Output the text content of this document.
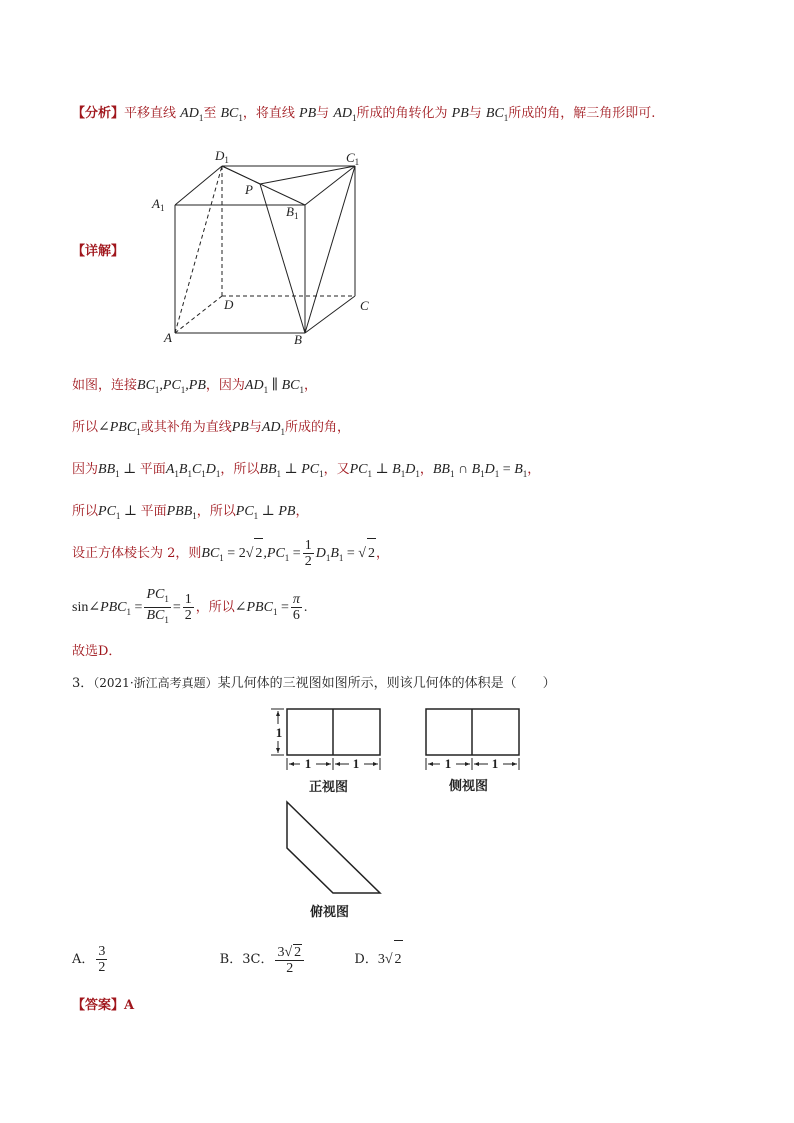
【分析】平移直线 $AD_1$至 $BC_1$，将直线 PB与 $AD_1$所成的角转化为 PB与 $BC_1$所成的角，解三角形即可.
【详解】
$D_1$	$C_1$
$A_1$	$B_1$
P
D	C
A	B
如图，连接$BC_1,PC_1,PB$，因为$AD_1$ ∥ $BC_1$，
所以$\angle PBC_1$或其补角为直线PB与$AD_1$所成的角，
因为$BB_1$ ⊥ 平面$A_1B_1C_1D_1$，所以$BB_1$ ⊥ $PC_1$，又$PC_1$ ⊥ $B_1D_1$，$BB_1$ ∩ $B_1D_1 = B_1$，
所以$PC_1$ ⊥ 平面$PBB_1$，所以$PC_1$ ⊥ PB，
设正方体棱长为 2，则$BC_1 = 2√$ $2,PC_1 = \frac{1}{2} D_1B_1$ = √ 2，
$\sin\angle PBC_1 = \frac{PC_1}{BC_1} = \frac{1}{2}$ ，所以$\angle PBC_1 = \frac{\pi}{6}$ .
故选D．
3．（2021·浙江高考真题）某几何体的三视图如图所示，则该几何体的体积是（　　）
1	1	1	1
1
正视图	侧视图
俯视图
A． $\frac{3}{2}$	B．3C． $\frac{3√ 2}{2}$	D．3√ 2
【答案】A
